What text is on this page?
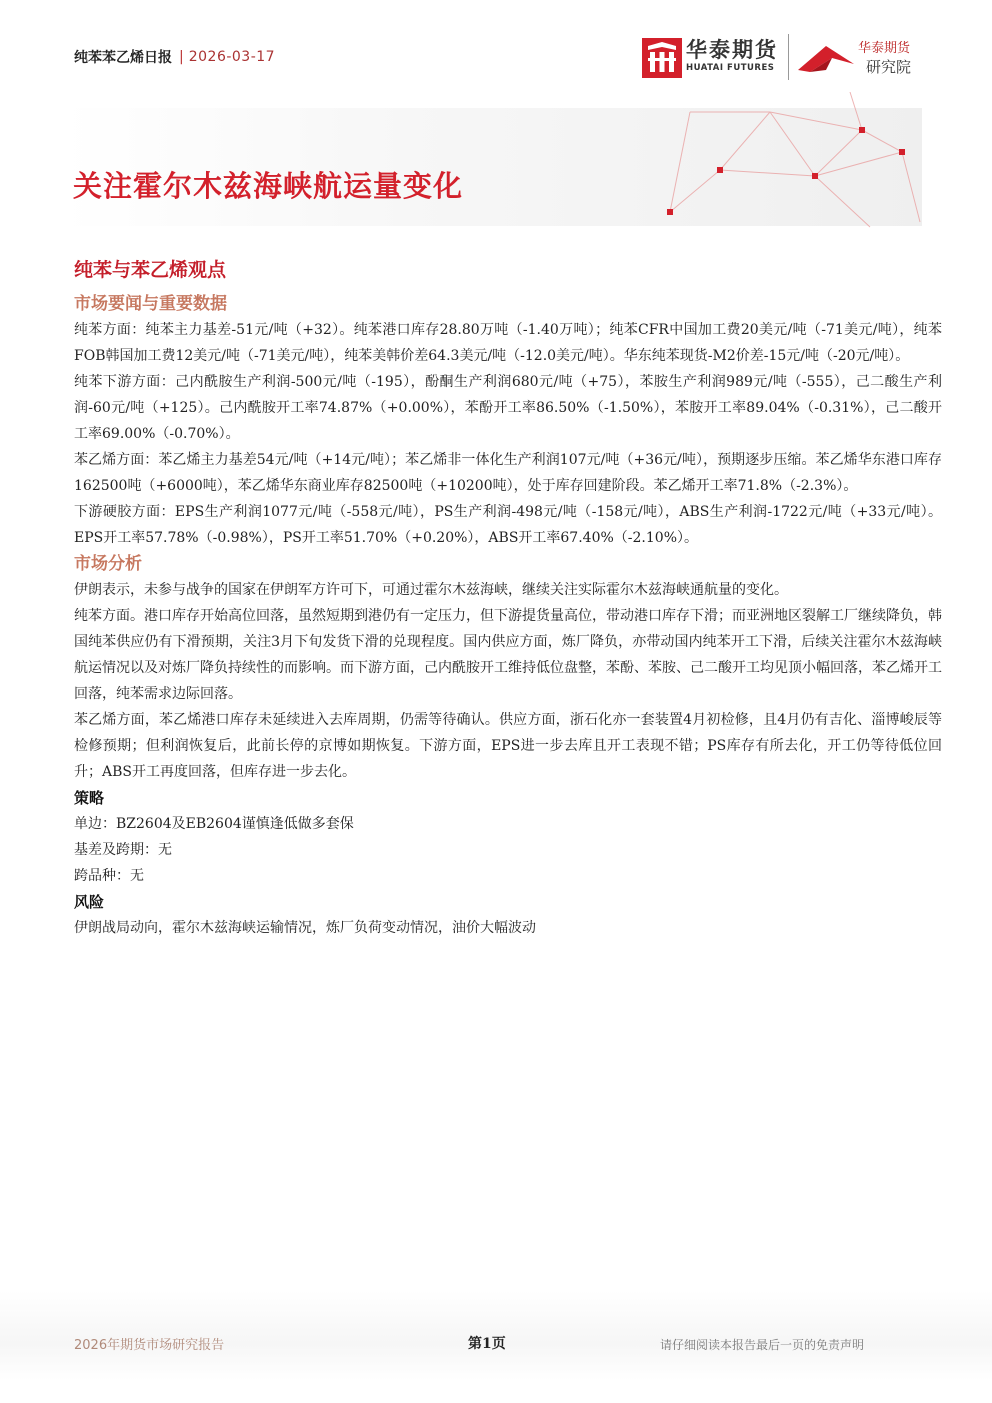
纯苯苯乙烯日报 | 2026-03-17	华泰期货
HUATAI FUTURES
华泰期货
研究院
关注霍尔木兹海峡航运量变化
纯苯与苯乙烯观点
市场要闻与重要数据

纯苯方面：纯苯主力基差-51元/吨（+32）。纯苯港口库存28.80万吨（-1.40万吨）；纯苯CFR中国加工费20美元/吨（-71美元/吨），纯苯FOB韩国加工费12美元/吨（-71美元/吨），纯苯美韩价差64.3美元/吨（-12.0美元/吨）。华东纯苯现货-M2价差-15元/吨（-20元/吨）。

纯苯下游方面：己内酰胺生产利润-500元/吨（-195），酚酮生产利润680元/吨（+75），苯胺生产利润989元/吨（-555），己二酸生产利润-60元/吨（+125）。己内酰胺开工率74.87%（+0.00%），苯酚开工率86.50%（-1.50%），苯胺开工率89.04%（-0.31%），己二酸开工率69.00%（-0.70%）。

苯乙烯方面：苯乙烯主力基差54元/吨（+14元/吨）；苯乙烯非一体化生产利润107元/吨（+36元/吨），预期逐步压缩。苯乙烯华东港口库存162500吨（+6000吨），苯乙烯华东商业库存82500吨（+10200吨），处于库存回建阶段。苯乙烯开工率71.8%（-2.3%）。

下游硬胶方面：EPS生产利润1077元/吨（-558元/吨），PS生产利润-498元/吨（-158元/吨），ABS生产利润-1722元/吨（+33元/吨）。EPS开工率57.78%（-0.98%），PS开工率51.70%（+0.20%），ABS开工率67.40%（-2.10%）。

市场分析

伊朗表示，未参与战争的国家在伊朗军方许可下，可通过霍尔木兹海峡，继续关注实际霍尔木兹海峡通航量的变化。

纯苯方面。港口库存开始高位回落，虽然短期到港仍有一定压力，但下游提货量高位，带动港口库存下滑；而亚洲地区裂解工厂继续降负，韩国纯苯供应仍有下滑预期，关注3月下旬发货下滑的兑现程度。国内供应方面，炼厂降负，亦带动国内纯苯开工下滑，后续关注霍尔木兹海峡航运情况以及对炼厂降负持续性的而影响。而下游方面，己内酰胺开工维持低位盘整，苯酚、苯胺、己二酸开工均见顶小幅回落，苯乙烯开工回落，纯苯需求边际回落。

苯乙烯方面，苯乙烯港口库存未延续进入去库周期，仍需等待确认。供应方面，浙石化亦一套装置4月初检修，且4月仍有吉化、淄博峻辰等检修预期；但利润恢复后，此前长停的京博如期恢复。下游方面，EPS进一步去库且开工表现不错；PS库存有所去化，开工仍等待低位回升；ABS开工再度回落，但库存进一步去化。

策略

单边：BZ2604及EB2604谨慎逢低做多套保

基差及跨期：无

跨品种：无

风险

伊朗战局动向，霍尔木兹海峡运输情况，炼厂负荷变动情况，油价大幅波动

2026年期货市场研究报告	第1页	请仔细阅读本报告最后一页的免责声明
